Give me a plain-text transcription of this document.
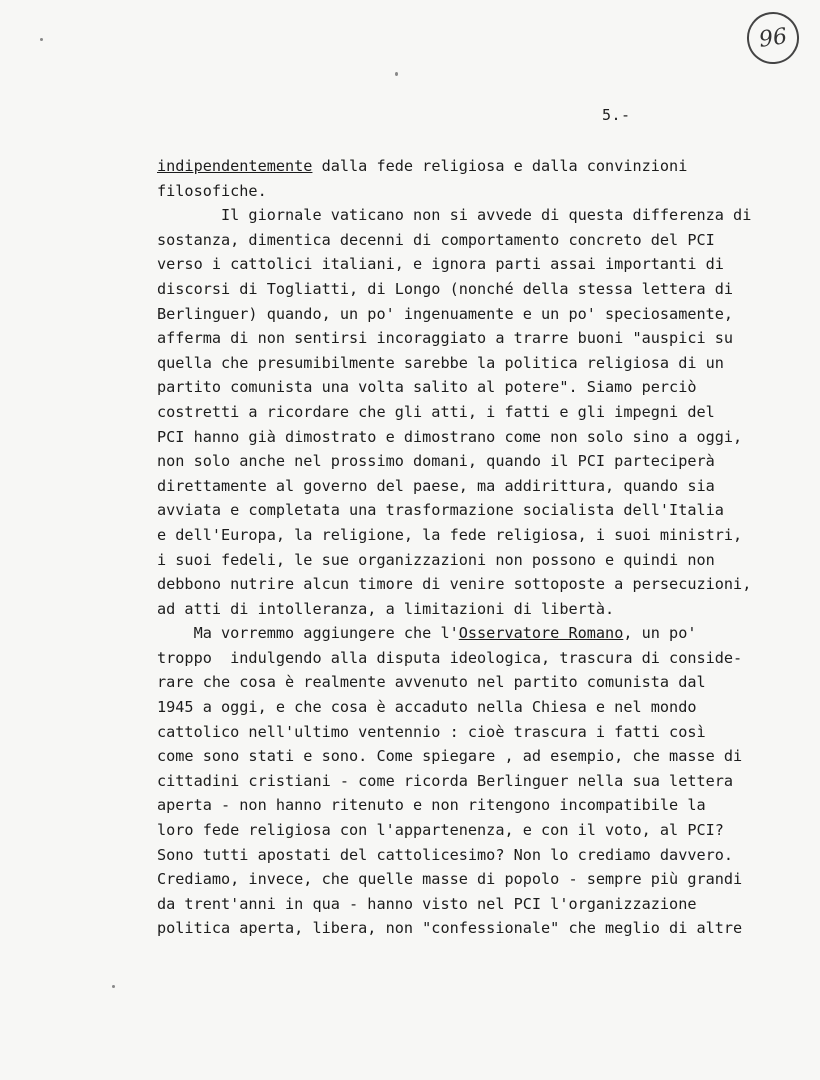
96
5.-
indipendentemente dalla fede religiosa e dalla convinzioni
filosofiche.
Il giornale vaticano non si avvede di questa differenza di
sostanza, dimentica decenni di comportamento concreto del PCI
verso i cattolici italiani, e ignora parti assai importanti di
discorsi di Togliatti, di Longo (nonché della stessa lettera di
Berlinguer) quando, un po' ingenuamente e un po' speciosamente,
afferma di non sentirsi incoraggiato a trarre buoni "auspici su
quella che presumibilmente sarebbe la politica religiosa di un
partito comunista una volta salito al potere". Siamo perciò
costretti a ricordare che gli atti, i fatti e gli impegni del
PCI hanno già dimostrato e dimostrano come non solo sino a oggi,
non solo anche nel prossimo domani, quando il PCI parteciperà
direttamente al governo del paese, ma addirittura, quando sia
avviata e completata una trasformazione socialista dell'Italia
e dell'Europa, la religione, la fede religiosa, i suoi ministri,
i suoi fedeli, le sue organizzazioni non possono e quindi non
debbono nutrire alcun timore di venire sottoposte a persecuzioni,
ad atti di intolleranza, a limitazioni di libertà.
Ma vorremmo aggiungere che l'Osservatore Romano, un po'
troppo  indulgendo alla disputa ideologica, trascura di conside-
rare che cosa è realmente avvenuto nel partito comunista dal
1945 a oggi, e che cosa è accaduto nella Chiesa e nel mondo
cattolico nell'ultimo ventennio : cioè trascura i fatti così
come sono stati e sono. Come spiegare , ad esempio, che masse di
cittadini cristiani - come ricorda Berlinguer nella sua lettera
aperta - non hanno ritenuto e non ritengono incompatibile la
loro fede religiosa con l'appartenenza, e con il voto, al PCI?
Sono tutti apostati del cattolicesimo? Non lo crediamo davvero.
Crediamo, invece, che quelle masse di popolo - sempre più grandi
da trent'anni in qua - hanno visto nel PCI l'organizzazione
politica aperta, libera, non "confessionale" che meglio di altre
